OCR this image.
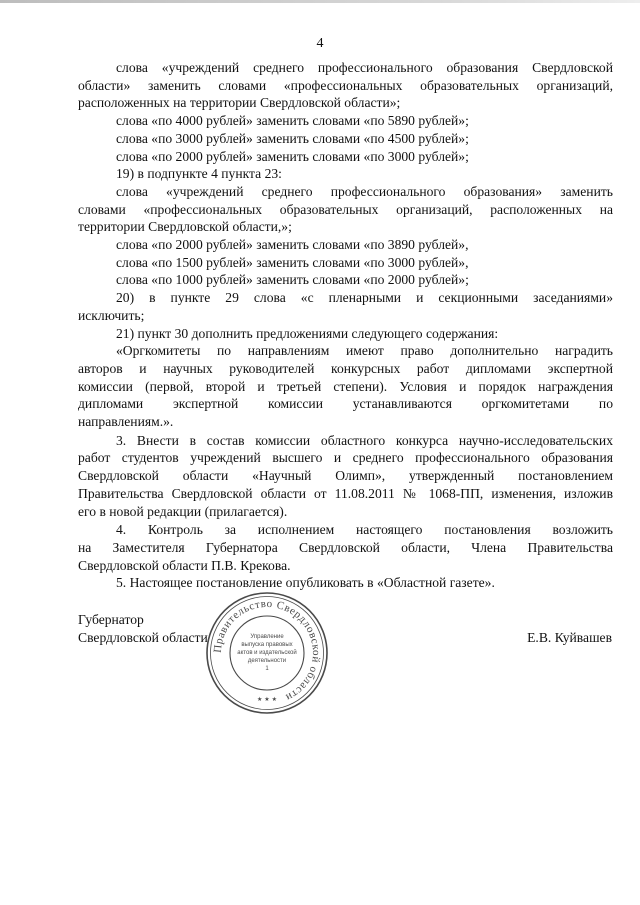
4

слова «учреждений среднего профессионального образования Свердловской

области» заменить словами «профессиональных образовательных организаций,

расположенных на территории Свердловской области»;

слова «по 4000 рублей» заменить словами «по 5890 рублей»;

слова «по 3000 рублей» заменить словами «по 4500 рублей»;

слова «по 2000 рублей» заменить словами «по 3000 рублей»;

19) в подпункте 4 пункта 23:

слова «учреждений среднего профессионального образования» заменить

словами «профессиональных образовательных организаций, расположенных на

территории Свердловской области,»;

слова «по 2000 рублей» заменить словами «по 3890 рублей»,

слова «по 1500 рублей» заменить словами «по 3000 рублей»,

слова «по 1000 рублей» заменить словами «по 2000 рублей»;

20) в пункте 29 слова «с пленарными и секционными заседаниями»

исключить;

21) пункт 30 дополнить предложениями следующего содержания:

«Оргкомитеты по направлениям имеют право дополнительно наградить

авторов и научных руководителей конкурсных работ дипломами экспертной

комиссии (первой, второй и третьей степени). Условия и порядок награждения

дипломами экспертной комиссии устанавливаются оргкомитетами по

направлениям.».

3. Внести в состав комиссии областного конкурса научно-исследовательских

работ студентов учреждений высшего и среднего профессионального образования

Свердловской области «Научный Олимп», утвержденный постановлением

Правительства Свердловской области от 11.08.2011 № 1068-ПП, изменения, изложив

его в новой редакции (прилагается).

4. Контроль за исполнением настоящего постановления возложить

на Заместителя Губернатора Свердловской области, Члена Правительства

Свердловской области П.В. Крекова.

5. Настоящее постановление опубликовать в «Областной газете».

Губернатор
Свердловской области	Е.В. Куйвашев
Правительство Свердловской области
Управление
выпуска правовых
актов и издательской
деятельности
1
★ ★ ★
